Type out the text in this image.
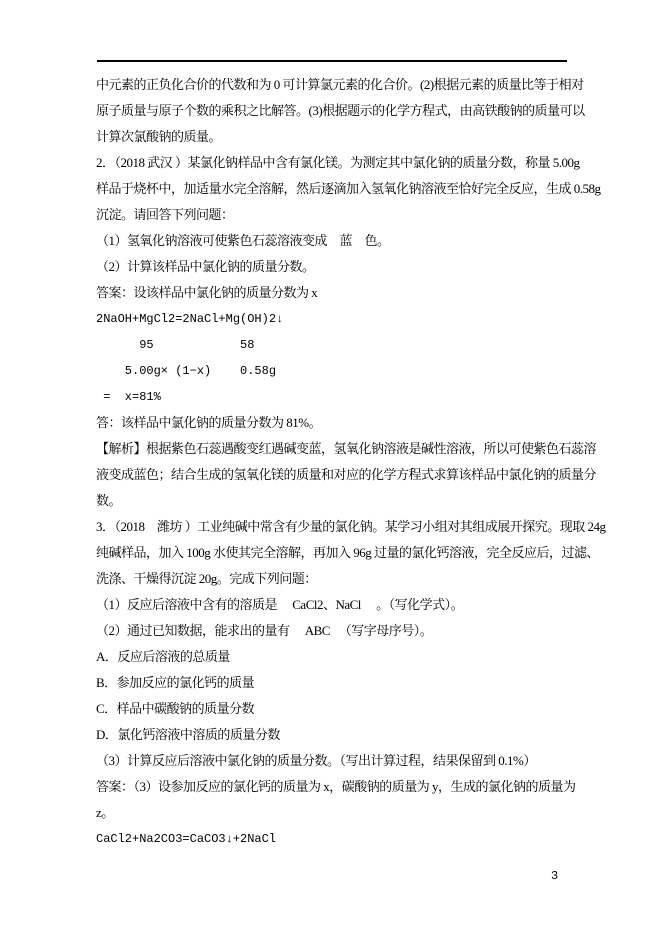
中元素的正负化合价的代数和为 0 可计算氯元素的化合价。(2)根据元素的质量比等于相对

原子质量与原子个数的乘积之比解答。(3)根据题示的化学方程式，由高铁酸钠的质量可以

计算次氯酸钠的质量。

2．（2018 武汉 ）某氯化钠样品中含有氯化镁。为测定其中氯化钠的质量分数，称量 5.00g

样品于烧杯中，加适量水完全溶解，然后逐滴加入氢氧化钠溶液至恰好完全反应，生成 0.58g

沉淀。请回答下列问题：

（1）氢氧化钠溶液可使紫色石蕊溶液变成　蓝　色。

（2）计算该样品中氯化钠的质量分数。

答案：设该样品中氯化钠的质量分数为 x

2NaOH+MgCl2=2NaCl+Mg(OH)2↓

95            58

5.00g× (1−x)    0.58g

=  x=81%

答：该样品中氯化钠的质量分数为 81%。

【解析】根据紫色石蕊遇酸变红遇碱变蓝，氢氧化钠溶液是碱性溶液，所以可使紫色石蕊溶

液变成蓝色；结合生成的氢氧化镁的质量和对应的化学方程式求算该样品中氯化钠的质量分

数。

3．（2018　潍坊 ）工业纯碱中常含有少量的氯化钠。某学习小组对其组成展开探究。现取 24g

纯碱样品，加入 100g 水使其完全溶解，再加入 96g 过量的氯化钙溶液，完全反应后，过滤、

洗涤、干燥得沉淀 20g。完成下列问题：

（1）反应后溶液中含有的溶质是　 CaCl2、NaCl 　。（写化学式）。

（2）通过已知数据，能求出的量有　 ABC 　（写字母序号）。

A．反应后溶液的总质量

B．参加反应的氯化钙的质量

C．样品中碳酸钠的质量分数

D．氯化钙溶液中溶质的质量分数

（3）计算反应后溶液中氯化钠的质量分数。（写出计算过程，结果保留到 0.1%）

答案：（3）设参加反应的氯化钙的质量为 x，碳酸钠的质量为 y，生成的氯化钠的质量为

z。

CaCl2+Na2CO3=CaCO3↓+2NaCl

3
